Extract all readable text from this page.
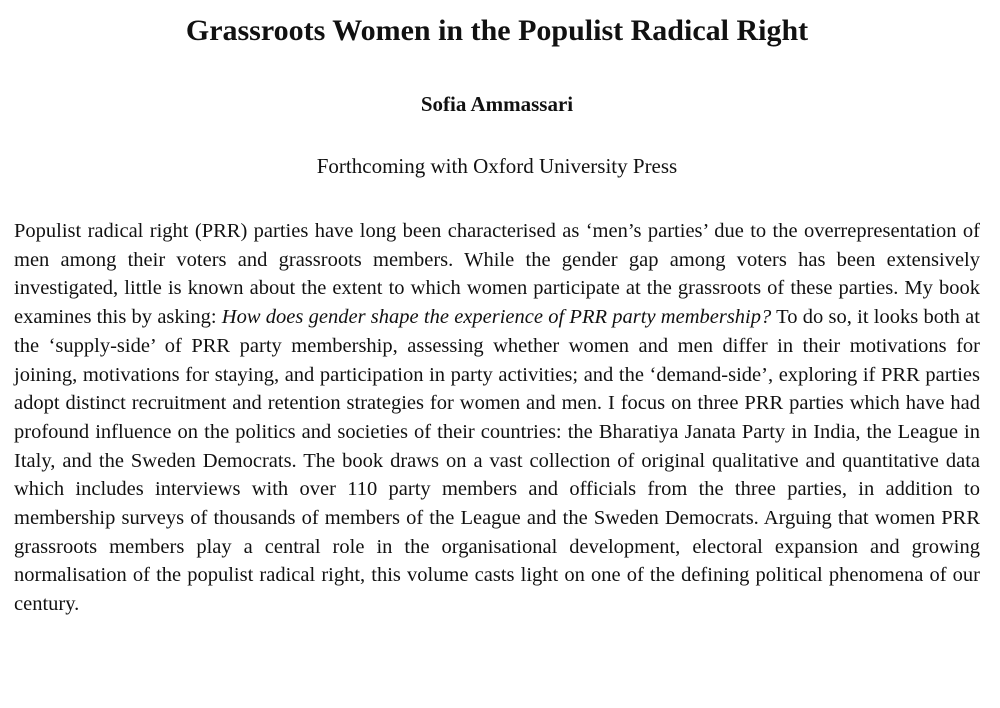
Grassroots Women in the Populist Radical Right

Sofia Ammassari

Forthcoming with Oxford University Press

Populist radical right (PRR) parties have long been characterised as ‘men’s parties’ due to the overrepresentation of men among their voters and grassroots members. While the gender gap among voters has been extensively investigated, little is known about the extent to which women participate at the grassroots of these parties. My book examines this by asking: How does gender shape the experience of PRR party membership? To do so, it looks both at the ‘supply-side’ of PRR party membership, assessing whether women and men differ in their motivations for joining, motivations for staying, and participation in party activities; and the ‘demand-side’, exploring if PRR parties adopt distinct recruitment and retention strategies for women and men. I focus on three PRR parties which have had profound influence on the politics and societies of their countries: the Bharatiya Janata Party in India, the League in Italy, and the Sweden Democrats. The book draws on a vast collection of original qualitative and quantitative data which includes interviews with over 110 party members and officials from the three parties, in addition to membership surveys of thousands of members of the League and the Sweden Democrats. Arguing that women PRR grassroots members play a central role in the organisational development, electoral expansion and growing normalisation of the populist radical right, this volume casts light on one of the defining political phenomena of our century.
